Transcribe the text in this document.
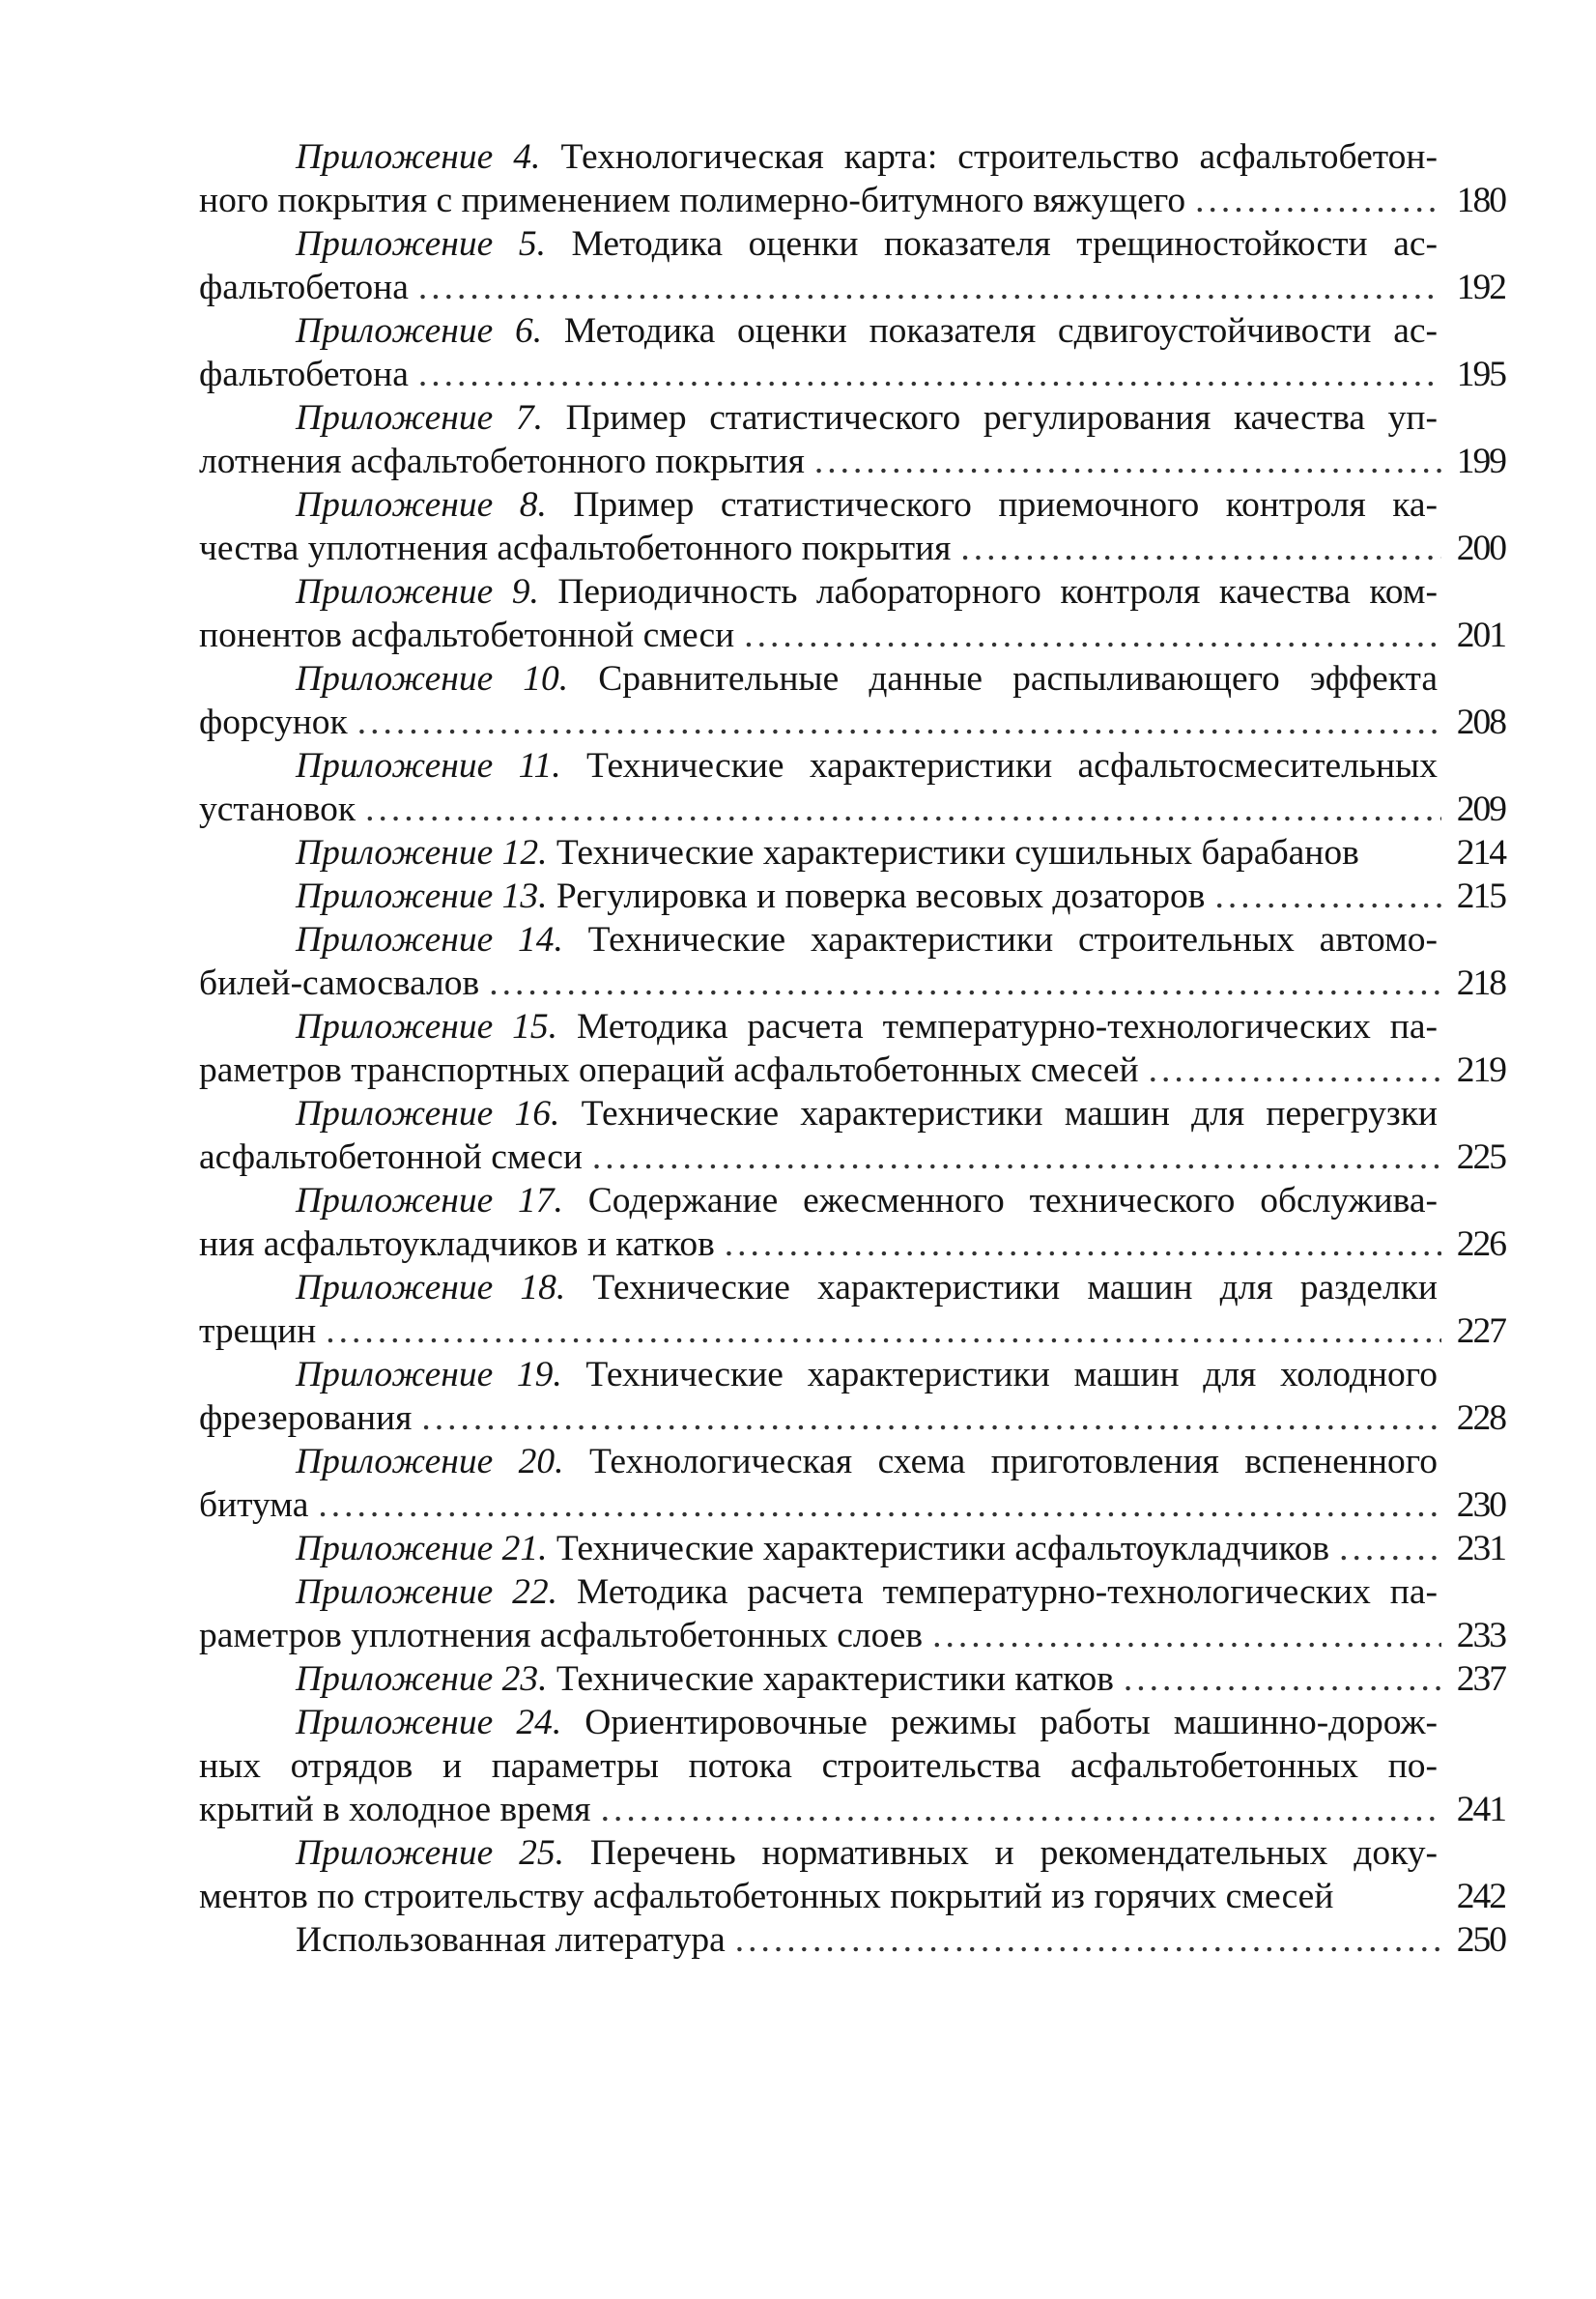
Приложение 4. Технологическая карта: строительство асфальтобетон-
ного покрытия с применением полимерно-битумного вяжущего .....	180
Приложение 5. Методика оценки показателя трещиностойкости ас-
фальтобетона .....	192
Приложение 6. Методика оценки показателя сдвигоустойчивости ас-
фальтобетона .....	195
Приложение 7. Пример статистического регулирования качества уп-
лотнения асфальтобетонного покрытия .....	199
Приложение 8. Пример статистического приемочного контроля ка-
чества уплотнения асфальтобетонного покрытия .....	200
Приложение 9. Периодичность лабораторного контроля качества ком-
понентов асфальтобетонной смеси .....	201
Приложение 10. Сравнительные данные распыливающего эффекта
форсунок .....	208
Приложение 11. Технические характеристики асфальтосмесительных
установок .....	209
Приложение 12. Технические характеристики сушильных барабанов	214
Приложение 13. Регулировка и поверка весовых дозаторов .....	215
Приложение 14. Технические характеристики строительных автомо-
билей-самосвалов .....	218
Приложение 15. Методика расчета температурно-технологических па-
раметров транспортных операций асфальтобетонных смесей .....	219
Приложение 16. Технические характеристики машин для перегрузки
асфальтобетонной смеси .....	225
Приложение 17. Содержание ежесменного технического обслужива-
ния асфальтоукладчиков и катков .....	226
Приложение 18. Технические характеристики машин для разделки
трещин .....	227
Приложение 19. Технические характеристики машин для холодного
фрезерования .....	228
Приложение 20. Технологическая схема приготовления вспененного
битума .....	230
Приложение 21. Технические характеристики асфальтоукладчиков .....	231
Приложение 22. Методика расчета температурно-технологических па-
раметров уплотнения асфальтобетонных слоев .....	233
Приложение 23. Технические характеристики катков .....	237
Приложение 24. Ориентировочные режимы работы машинно-дорож-
ных отрядов и параметры потока строительства асфальтобетонных по-
крытий в холодное время .....	241
Приложение 25. Перечень нормативных и рекомендательных доку-
ментов по строительству асфальтобетонных покрытий из горячих смесей	242
Использованная литература .....	250
